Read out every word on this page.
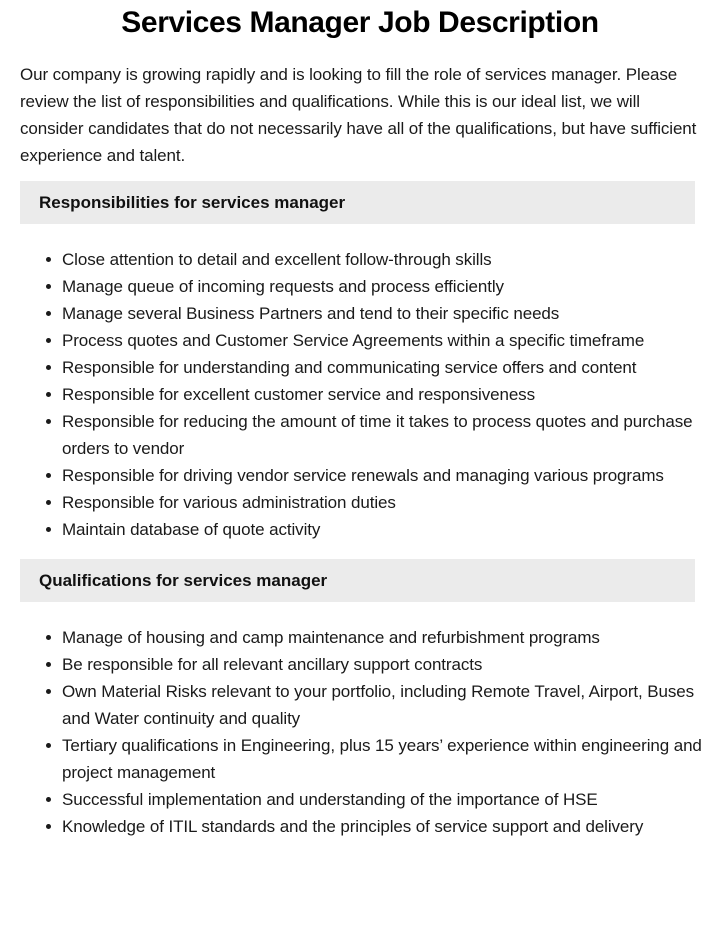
Services Manager Job Description

Our company is growing rapidly and is looking to fill the role of services manager. Please review the list of responsibilities and qualifications. While this is our ideal list, we will consider candidates that do not necessarily have all of the qualifications, but have sufficient experience and talent.

Responsibilities for services manager
Close attention to detail and excellent follow-through skills
Manage queue of incoming requests and process efficiently
Manage several Business Partners and tend to their specific needs
Process quotes and Customer Service Agreements within a specific timeframe
Responsible for understanding and communicating service offers and content
Responsible for excellent customer service and responsiveness
Responsible for reducing the amount of time it takes to process quotes and purchase orders to vendor
Responsible for driving vendor service renewals and managing various programs
Responsible for various administration duties
Maintain database of quote activity
Qualifications for services manager
Manage of housing and camp maintenance and refurbishment programs
Be responsible for all relevant ancillary support contracts
Own Material Risks relevant to your portfolio, including Remote Travel, Airport, Buses and Water continuity and quality
Tertiary qualifications in Engineering, plus 15 years’ experience within engineering and project management
Successful implementation and understanding of the importance of HSE
Knowledge of ITIL standards and the principles of service support and delivery
